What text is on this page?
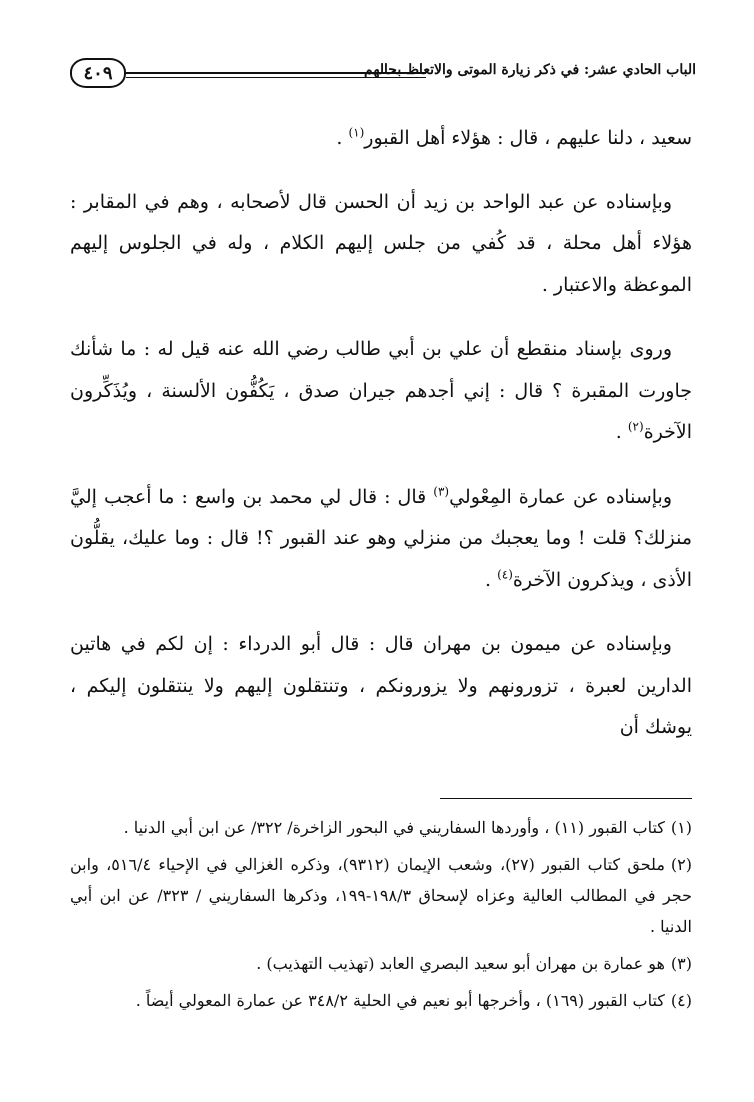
٤٠٩	الباب الحادي عشر: في ذكر زيارة الموتى والاتعاظ بحالهم

سعيد ، دلنا عليهم ، قال : هؤلاء أهل القبور$^{(١)}$ .

وبإسناده عن عبد الواحد بن زيد أن الحسن قال لأصحابه ، وهم في المقابر : هؤلاء أهل محلة ، قد كُفي من جلس إليهم الكلام ، وله في الجلوس إليهم الموعظة والاعتبار .

وروى بإسناد منقطع أن علي بن أبي طالب رضي الله عنه قيل له : ما شأنك جاورت المقبرة ؟ قال : إني أجدهم جيران صدق ، يَكُفُّون الألسنة ، ويُذَكِّرون الآخرة$^{(٢)}$ .

وبإسناده عن عمارة المِعْولي$^{(٣)}$ قال : قال لي محمد بن واسع : ما أعجب إليَّ منزلك؟ قلت ! وما يعجبك من منزلي وهو عند القبور ؟! قال : وما عليك، يقلُّون الأذى ، ويذكرون الآخرة$^{(٤)}$ .

وبإسناده عن ميمون بن مهران قال : قال أبو الدرداء : إن لكم في هاتين الدارين لعبرة ، تزورونهم ولا يزورونكم ، وتنتقلون إليهم ولا ينتقلون إليكم ، يوشك أن

(١)كتاب القبور (١١) ، وأوردها السفاريني في البحور الزاخرة/ ٣٢٢/ عن ابن أبي الدنيا .
(٢)ملحق كتاب القبور (٢٧)، وشعب الإيمان (٩٣١٢)، وذكره الغزالي في الإحياء ٥١٦/٤، وابن حجر في المطالب العالية وعزاه لإسحاق ١٩٨/٣-١٩٩، وذكرها السفاريني / ٣٢٣/ عن ابن أبي الدنيا .
(٣)هو عمارة بن مهران أبو سعيد البصري العابد (تهذيب التهذيب) .
(٤)كتاب القبور (١٦٩) ، وأخرجها أبو نعيم في الحلية ٣٤٨/٢ عن عمارة المعولي أيضاً .
